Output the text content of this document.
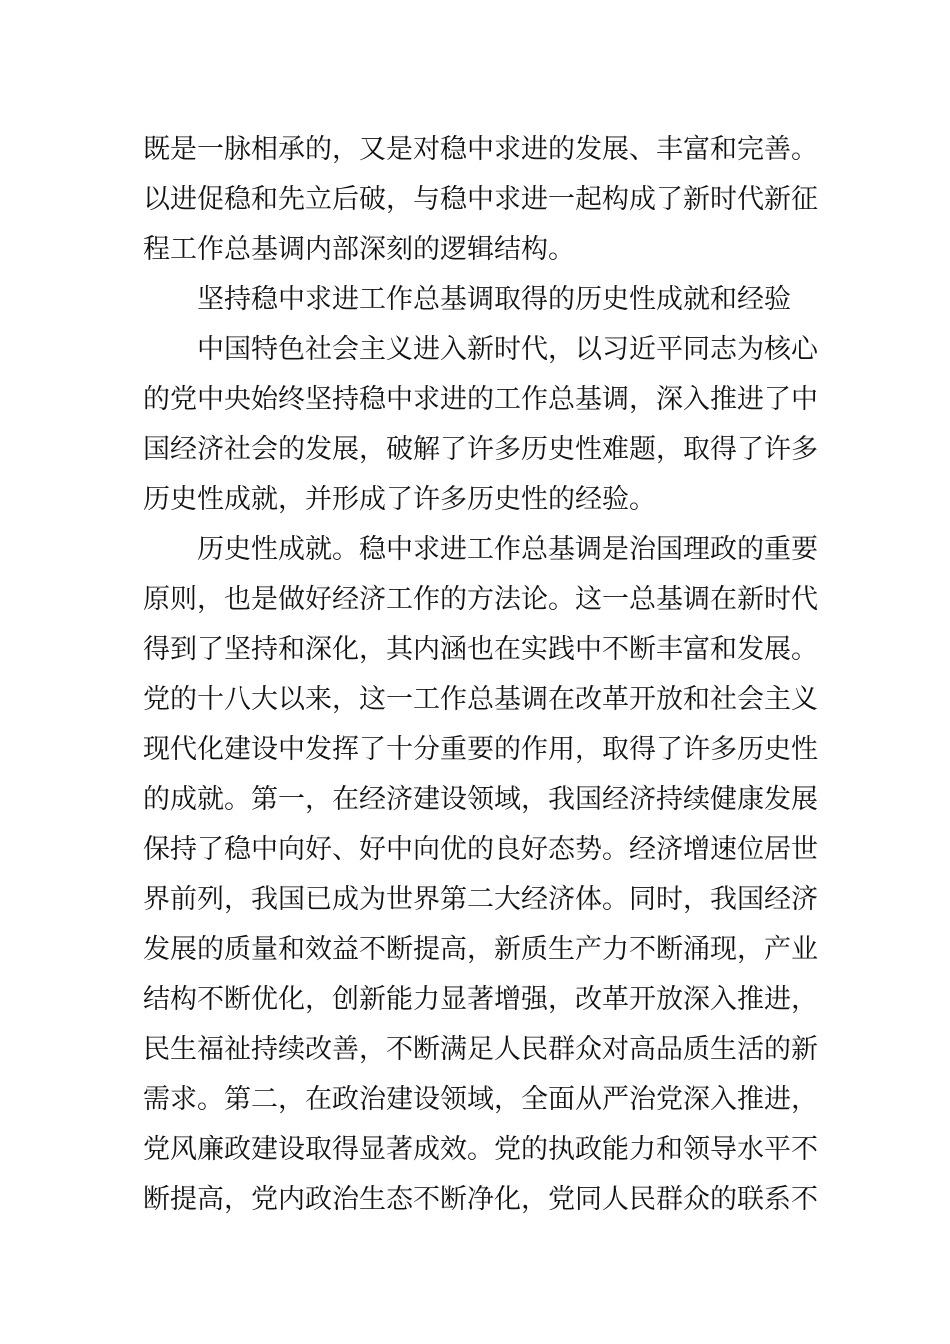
既是一脉相承的，又是对稳中求进的发展、丰富和完善。
以进促稳和先立后破，与稳中求进一起构成了新时代新征
程工作总基调内部深刻的逻辑结构。
坚持稳中求进工作总基调取得的历史性成就和经验
中国特色社会主义进入新时代，以习近平同志为核心
的党中央始终坚持稳中求进的工作总基调，深入推进了中
国经济社会的发展，破解了许多历史性难题，取得了许多
历史性成就，并形成了许多历史性的经验。
历史性成就。稳中求进工作总基调是治国理政的重要
原则，也是做好经济工作的方法论。这一总基调在新时代
得到了坚持和深化，其内涵也在实践中不断丰富和发展。
党的十八大以来，这一工作总基调在改革开放和社会主义
现代化建设中发挥了十分重要的作用，取得了许多历史性
的成就。第一，在经济建设领域，我国经济持续健康发展
保持了稳中向好、好中向优的良好态势。经济增速位居世
界前列，我国已成为世界第二大经济体。同时，我国经济
发展的质量和效益不断提高，新质生产力不断涌现，产业
结构不断优化，创新能力显著增强，改革开放深入推进，
民生福祉持续改善，不断满足人民群众对高品质生活的新
需求。第二，在政治建设领域，全面从严治党深入推进，
党风廉政建设取得显著成效。党的执政能力和领导水平不
断提高，党内政治生态不断净化，党同人民群众的联系不
